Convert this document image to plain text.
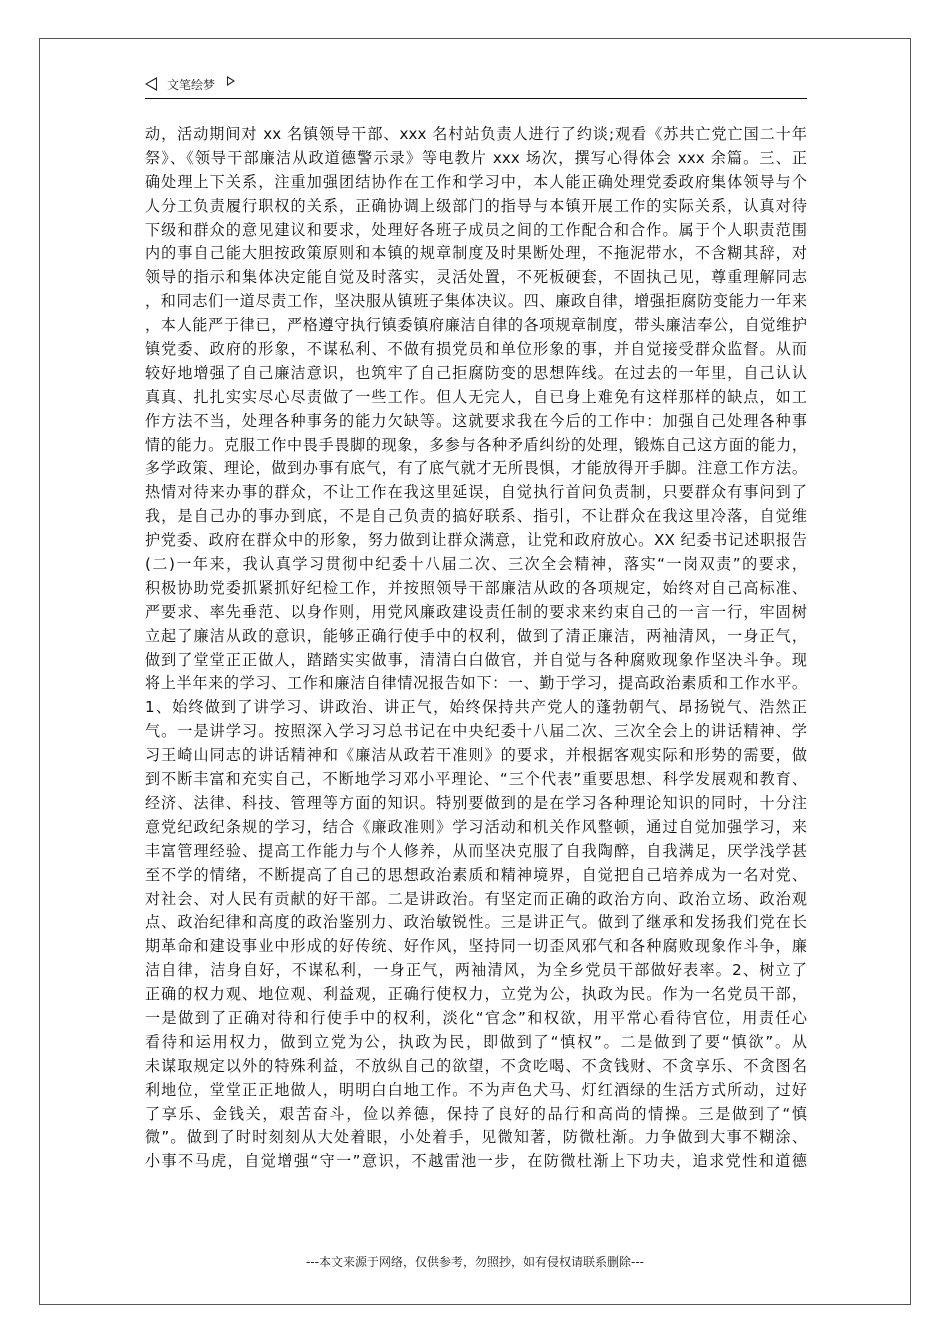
文笔绘梦
动，活动期间对 xx 名镇领导干部、xxx 名村站负责人进行了约谈;观看《苏共亡党亡国二十年
祭》、《领导干部廉洁从政道德警示录》等电教片 xxx 场次，撰写心得体会 xxx 余篇。三、正
确处理上下关系，注重加强团结协作在工作和学习中，本人能正确处理党委政府集体领导与个
人分工负责履行职权的关系，正确协调上级部门的指导与本镇开展工作的实际关系，认真对待
下级和群众的意见建议和要求，处理好各班子成员之间的工作配合和合作。属于个人职责范围
内的事自己能大胆按政策原则和本镇的规章制度及时果断处理，不拖泥带水，不含糊其辞，对
领导的指示和集体决定能自觉及时落实，灵活处置，不死板硬套，不固执己见，尊重理解同志
，和同志们一道尽责工作，坚决服从镇班子集体决议。四、廉政自律，增强拒腐防变能力一年来
，本人能严于律已，严格遵守执行镇委镇府廉洁自律的各项规章制度，带头廉洁奉公，自觉维护
镇党委、政府的形象，不谋私利、不做有损党员和单位形象的事，并自觉接受群众监督。从而
较好地增强了自己廉洁意识，也筑牢了自己拒腐防变的思想阵线。在过去的一年里，自己认认
真真、扎扎实实尽心尽责做了一些工作。但人无完人，自已身上难免有这样那样的缺点，如工
作方法不当，处理各种事务的能力欠缺等。这就要求我在今后的工作中：加强自己处理各种事
情的能力。克服工作中畏手畏脚的现象，多参与各种矛盾纠纷的处理，锻炼自己这方面的能力，
多学政策、理论，做到办事有底气，有了底气就才无所畏惧，才能放得开手脚。注意工作方法。
热情对待来办事的群众，不让工作在我这里延误，自觉执行首问负责制，只要群众有事问到了
我，是自己办的事办到底，不是自己负责的搞好联系、指引，不让群众在我这里冷落，自觉维
护党委、政府在群众中的形象，努力做到让群众满意，让党和政府放心。XX 纪委书记述职报告
(二)一年来，我认真学习贯彻中纪委十八届二次、三次全会精神，落实“一岗双责”的要求，
积极协助党委抓紧抓好纪检工作，并按照领导干部廉洁从政的各项规定，始终对自己高标准、
严要求、率先垂范、以身作则，用党风廉政建设责任制的要求来约束自己的一言一行，牢固树
立起了廉洁从政的意识，能够正确行使手中的权利，做到了清正廉洁，两袖清风，一身正气，
做到了堂堂正正做人，踏踏实实做事，清清白白做官，并自觉与各种腐败现象作坚决斗争。现
将上半年来的学习、工作和廉洁自律情况报告如下：一、勤于学习，提高政治素质和工作水平。
1、始终做到了讲学习、讲政治、讲正气，始终保持共产党人的蓬勃朝气、昂扬锐气、浩然正
气。一是讲学习。按照深入学习习总书记在中央纪委十八届二次、三次全会上的讲话精神、学
习王崎山同志的讲话精神和《廉洁从政若干准则》的要求，并根据客观实际和形势的需要，做
到不断丰富和充实自己，不断地学习邓小平理论、“三个代表”重要思想、科学发展观和教育、
经济、法律、科技、管理等方面的知识。特别要做到的是在学习各种理论知识的同时，十分注
意党纪政纪条规的学习，结合《廉政准则》学习活动和机关作风整顿，通过自觉加强学习，来
丰富管理经验、提高工作能力与个人修养，从而坚决克服了自我陶醉，自我满足，厌学浅学甚
至不学的情绪，不断提高了自己的思想政治素质和精神境界，自觉把自己培养成为一名对党、
对社会、对人民有贡献的好干部。二是讲政治。有坚定而正确的政治方向、政治立场、政治观
点、政治纪律和高度的政治鉴别力、政治敏锐性。三是讲正气。做到了继承和发扬我们党在长
期革命和建设事业中形成的好传统、好作风，坚持同一切歪风邪气和各种腐败现象作斗争，廉
洁自律，洁身自好，不谋私利，一身正气，两袖清风，为全乡党员干部做好表率。2、树立了
正确的权力观、地位观、利益观，正确行使权力，立党为公，执政为民。作为一名党员干部，
一是做到了正确对待和行使手中的权利，淡化“官念”和权欲，用平常心看待官位，用责任心
看待和运用权力，做到立党为公，执政为民，即做到了“慎权”。二是做到了要“慎欲”。从
未谋取规定以外的特殊利益，不放纵自己的欲望，不贪吃喝、不贪钱财、不贪享乐、不贪图名
利地位，堂堂正正地做人，明明白白地工作。不为声色犬马、灯红酒绿的生活方式所动，过好
了享乐、金钱关，艰苦奋斗，俭以养德，保持了良好的品行和高尚的情操。三是做到了“慎
微”。做到了时时刻刻从大处着眼，小处着手，见微知著，防微杜渐。力争做到大事不糊涂、
小事不马虎，自觉增强“守一”意识，不越雷池一步，在防微杜渐上下功夫，追求党性和道德
---本文来源于网络，仅供参考，勿照抄，如有侵权请联系删除---
